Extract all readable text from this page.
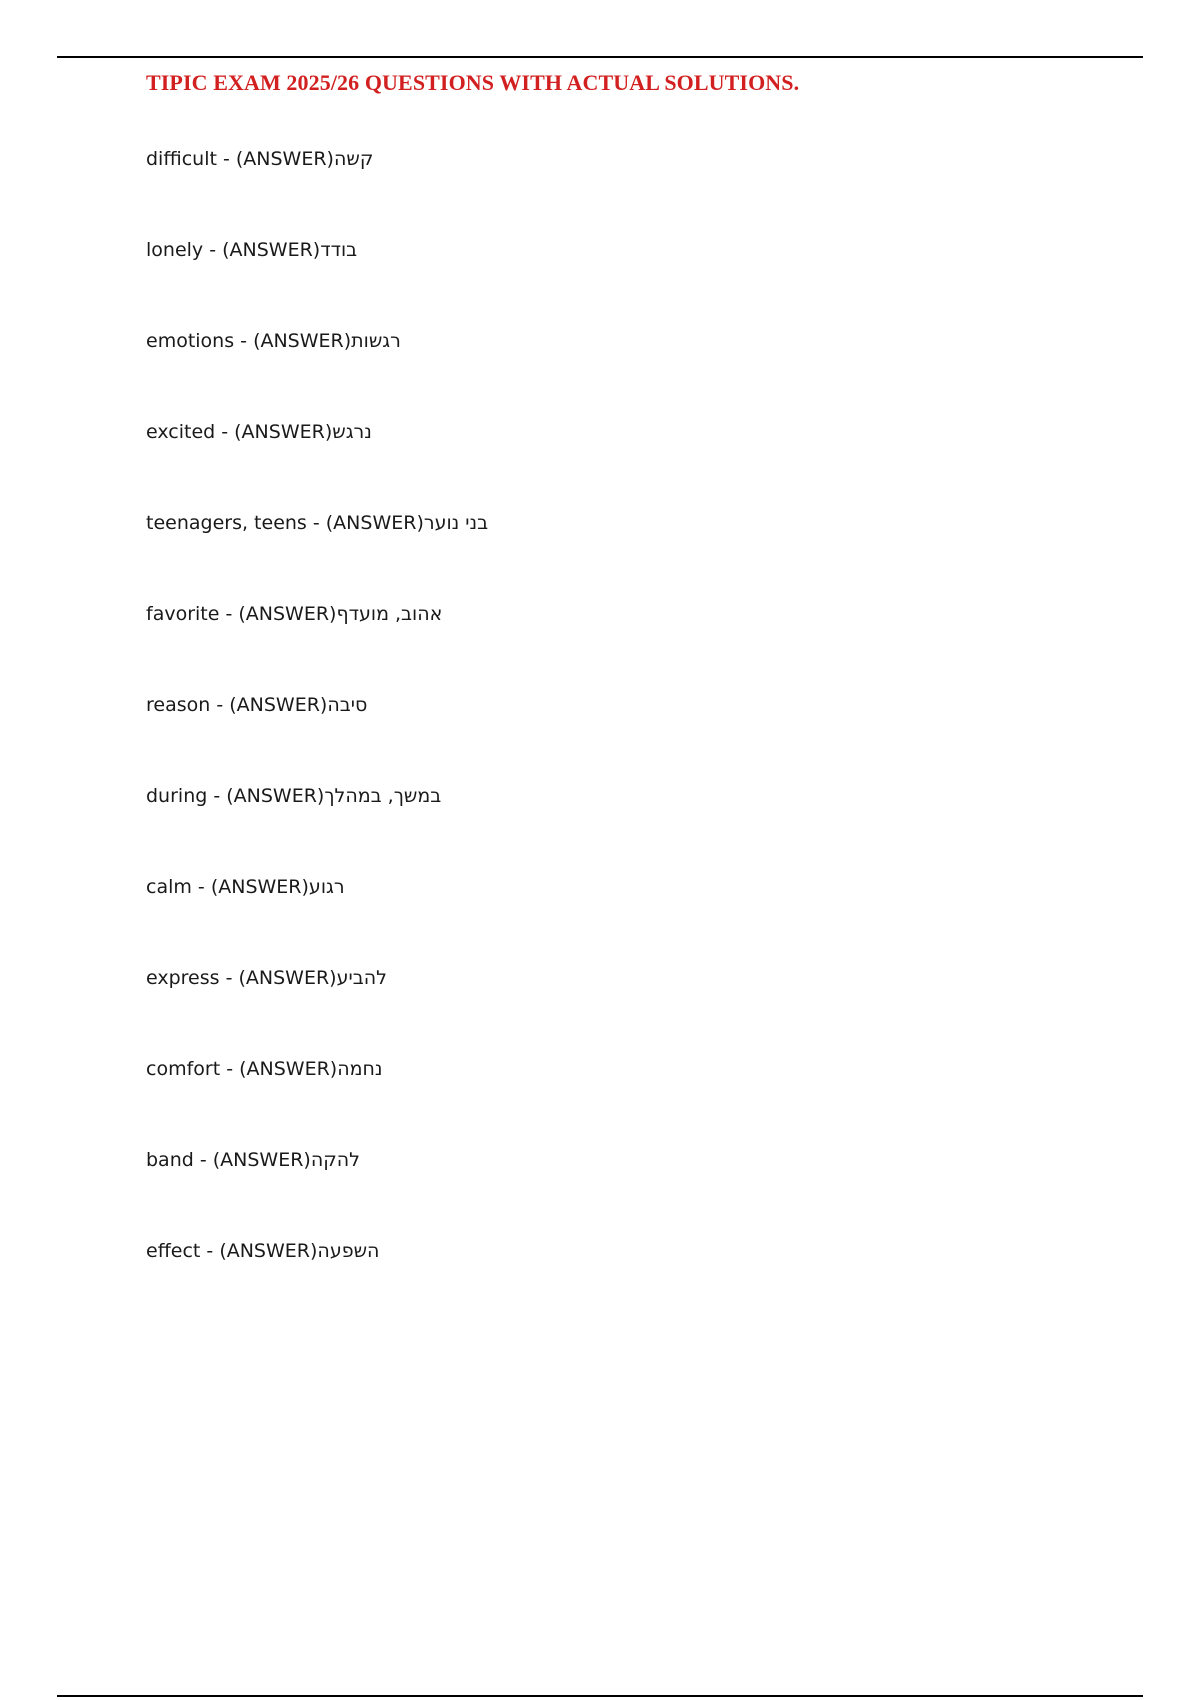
TIPIC EXAM 2025/26 QUESTIONS WITH ACTUAL SOLUTIONS.
difficult - (ANSWER)קשה
lonely - (ANSWER)בודד
emotions - (ANSWER)רגשות
excited - (ANSWER)נרגש
teenagers, teens - (ANSWER)בני נוער
favorite - (ANSWER)אהוב, מועדף
reason - (ANSWER)סיבה
during - (ANSWER)במשך, במהלך
calm - (ANSWER)רגוע
express - (ANSWER)להביע
comfort - (ANSWER)נחמה
band - (ANSWER)להקה
effect - (ANSWER)השפעה
